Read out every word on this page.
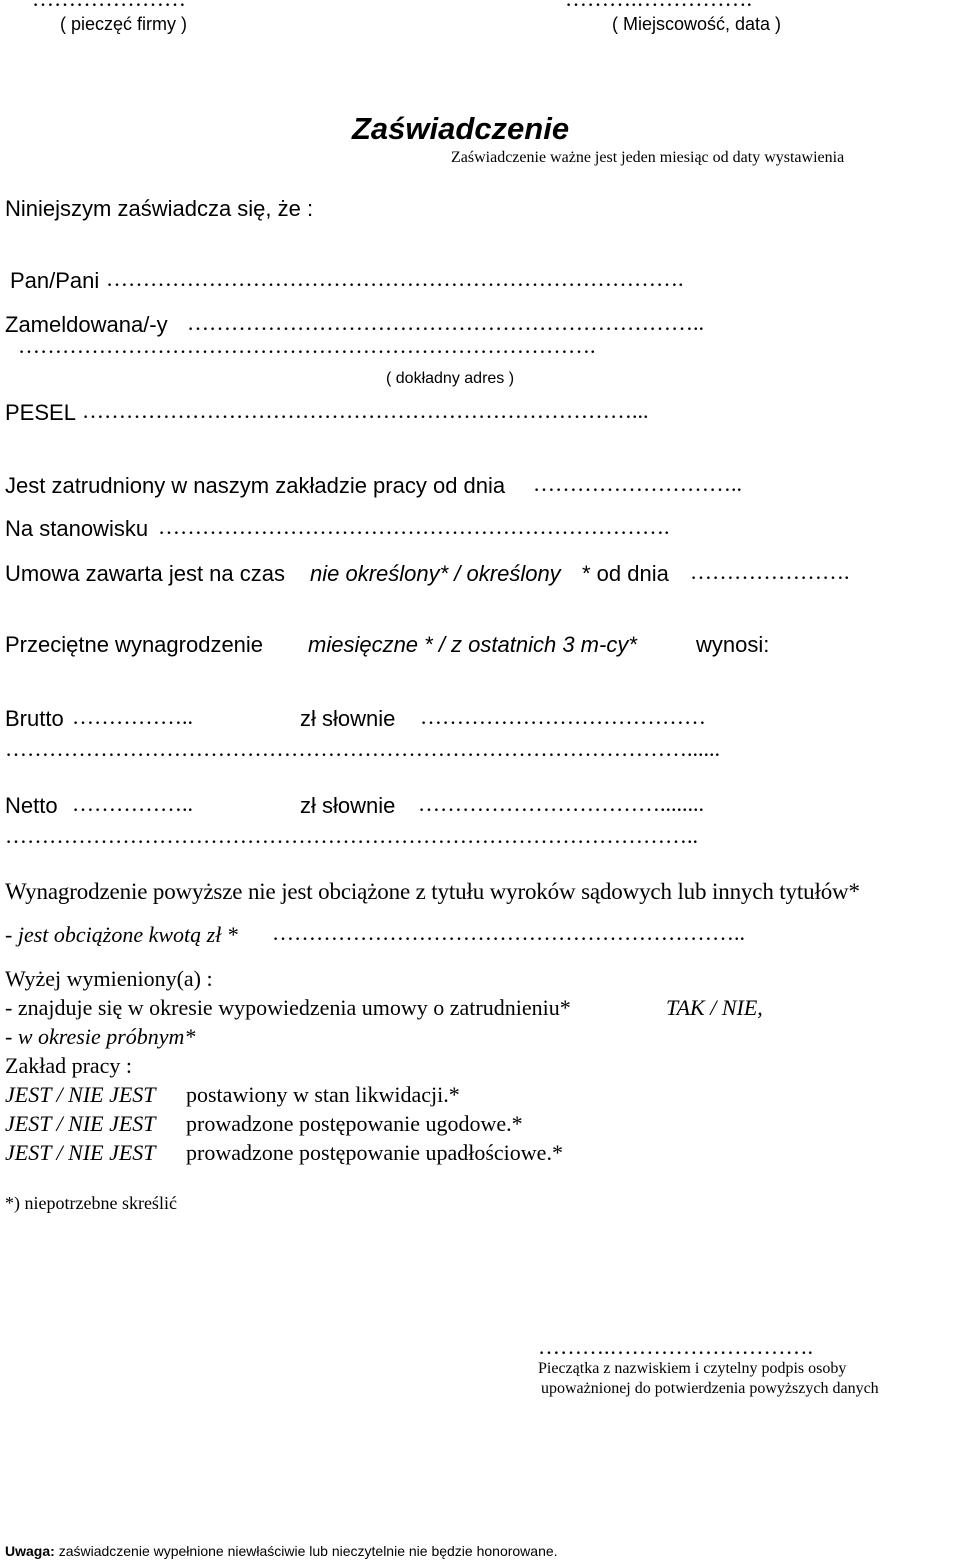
( pieczęć firmy )	( Miejscowość, data )
Zaświadczenie
Zaświadczenie ważne jest jeden miesiąc od daty wystawienia
Niniejszym zaświadcza się, że :
Pan/Pani …………………………………………………………………….
Zameldowana/-y ……………………………………………………………..
…………………………………………………………………….
( dokładny adres )
PESEL …………………………………………………………………...
Jest zatrudniony w naszym zakładzie pracy od dnia ………………………..
Na stanowisku …………………………………………………………….
Umowa zawarta jest na czas nie określony* / określony * od dnia ………………….
Przeciętne wynagrodzenie miesięczne * / z ostatnich 3 m-cy*	wynosi:
Brutto ……………..	zł słownie …………………………………
…………………………………………………………………………………......
Netto ……………..	zł słownie ……………………………........
…………………………………………………………………………………..
Wynagrodzenie powyższe nie jest obciążone z tytułu wyroków sądowych lub innych tytułów*
- jest obciążone kwotą zł * ………………………………………………………..
Wyżej wymieniony(a) :
- znajduje się w okresie wypowiedzenia umowy o zatrudnieniu*	TAK / NIE,
- w okresie próbnym*
Zakład pracy :
JEST / NIE JEST postawiony w stan likwidacji.*
JEST / NIE JEST prowadzone postępowanie ugodowe.*
JEST / NIE JEST prowadzone postępowanie upadłościowe.*
*) niepotrzebne skreślić
……….……………………….
Pieczątka z nazwiskiem i czytelny podpis osoby
upoważnionej do potwierdzenia powyższych danych
Uwaga: zaświadczenie wypełnione niewłaściwie lub nieczytelnie nie będzie honorowane.
